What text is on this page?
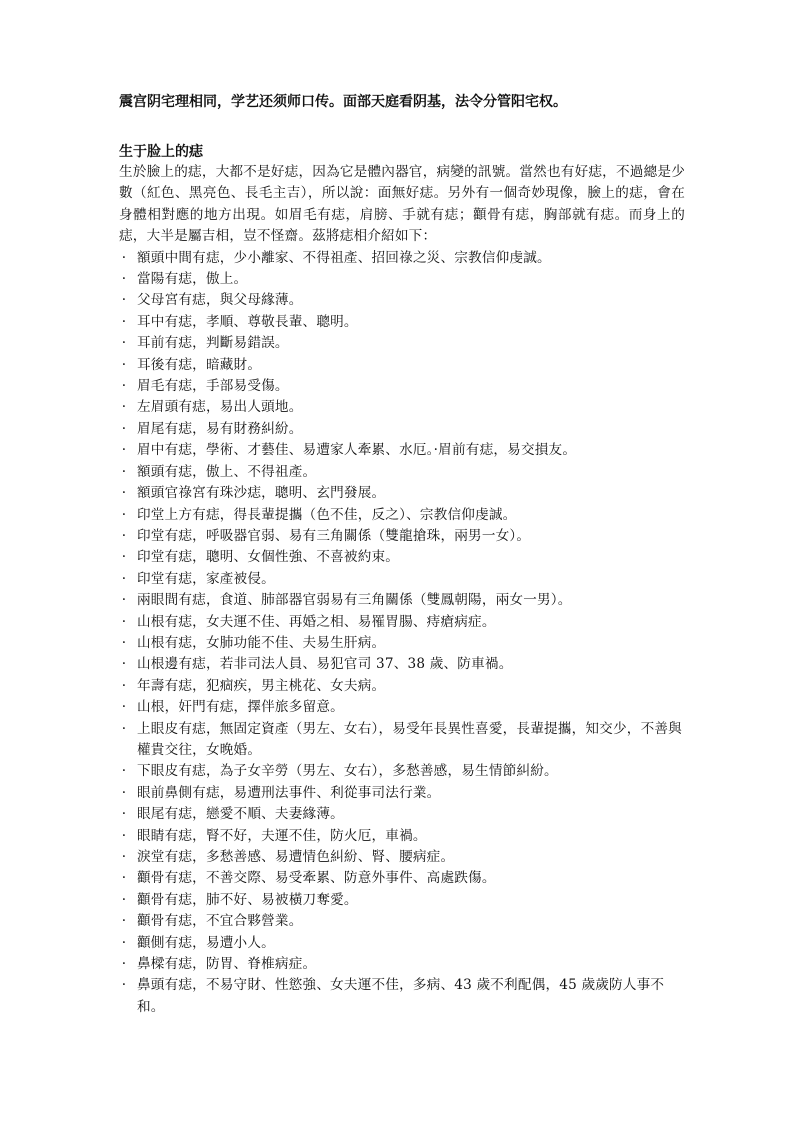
震宫阴宅理相同，学艺还须师口传。面部天庭看阴基，法令分管阳宅权。

生于脸上的痣

生於臉上的痣，大都不是好痣，因為它是體內器官，病變的訊號。當然也有好痣，不過總是少數（紅色、黑亮色、長毛主吉），所以說：面無好痣。另外有一個奇妙現像，臉上的痣，會在身體相對應的地方出現。如眉毛有痣，肩膀、手就有痣；顴骨有痣，胸部就有痣。而身上的痣，大半是屬吉相，豈不怪齋。茲將痣相介紹如下：

· 額頭中間有痣，少小離家、不得祖產、招回祿之災、宗教信仰虔誠。
· 當陽有痣，傲上。
· 父母宮有痣，與父母緣薄。
· 耳中有痣，孝順、尊敬長輩、聰明。
· 耳前有痣，判斷易錯誤。
· 耳後有痣，暗藏財。
· 眉毛有痣，手部易受傷。
· 左眉頭有痣，易出人頭地。
· 眉尾有痣，易有財務糾紛。
· 眉中有痣，學術、才藝佳、易遭家人牽累、水厄。·眉前有痣，易交損友。
· 額頭有痣，傲上、不得祖產。
· 額頭官祿宮有珠沙痣，聰明、玄門發展。
· 印堂上方有痣，得長輩提攜（色不佳，反之）、宗教信仰虔誠。
· 印堂有痣，呼吸器官弱、易有三角關係（雙龍搶珠，兩男一女）。
· 印堂有痣，聰明、女個性強、不喜被約束。
· 印堂有痣，家產被侵。
· 兩眼間有痣，食道、肺部器官弱易有三角關係（雙鳳朝陽，兩女一男）。
· 山根有痣，女夫運不佳、再婚之相、易罹胃腸、痔瘡病症。
· 山根有痣，女肺功能不佳、夫易生肝病。
· 山根邊有痣，若非司法人員、易犯官司 37、38 歲、防車禍。
· 年壽有痣，犯痼疾，男主桃花、女夫病。
· 山根，奸門有痣，擇伴旅多留意。
· 上眼皮有痣，無固定資產（男左、女右），易受年長異性喜愛，長輩提攜，知交少，不善與權貴交往，女晚婚。
· 下眼皮有痣，為子女辛勞（男左、女右），多愁善感，易生情節糾紛。
· 眼前鼻側有痣，易遭刑法事件、利從事司法行業。
· 眼尾有痣，戀愛不順、夫妻緣薄。
· 眼睛有痣，腎不好，夫運不佳，防火厄，車禍。
· 淚堂有痣，多愁善感、易遭情色糾紛、腎、腰病症。
· 顴骨有痣，不善交際、易受牽累、防意外事件、高處跌傷。
· 顴骨有痣，肺不好、易被橫刀奪愛。
· 顴骨有痣，不宜合夥營業。
· 顴側有痣，易遭小人。
· 鼻樑有痣，防胃、脊椎病症。
· 鼻頭有痣，不易守財、性慾強、女夫運不佳，多病、43 歲不利配偶，45 歲歲防人事不和。
